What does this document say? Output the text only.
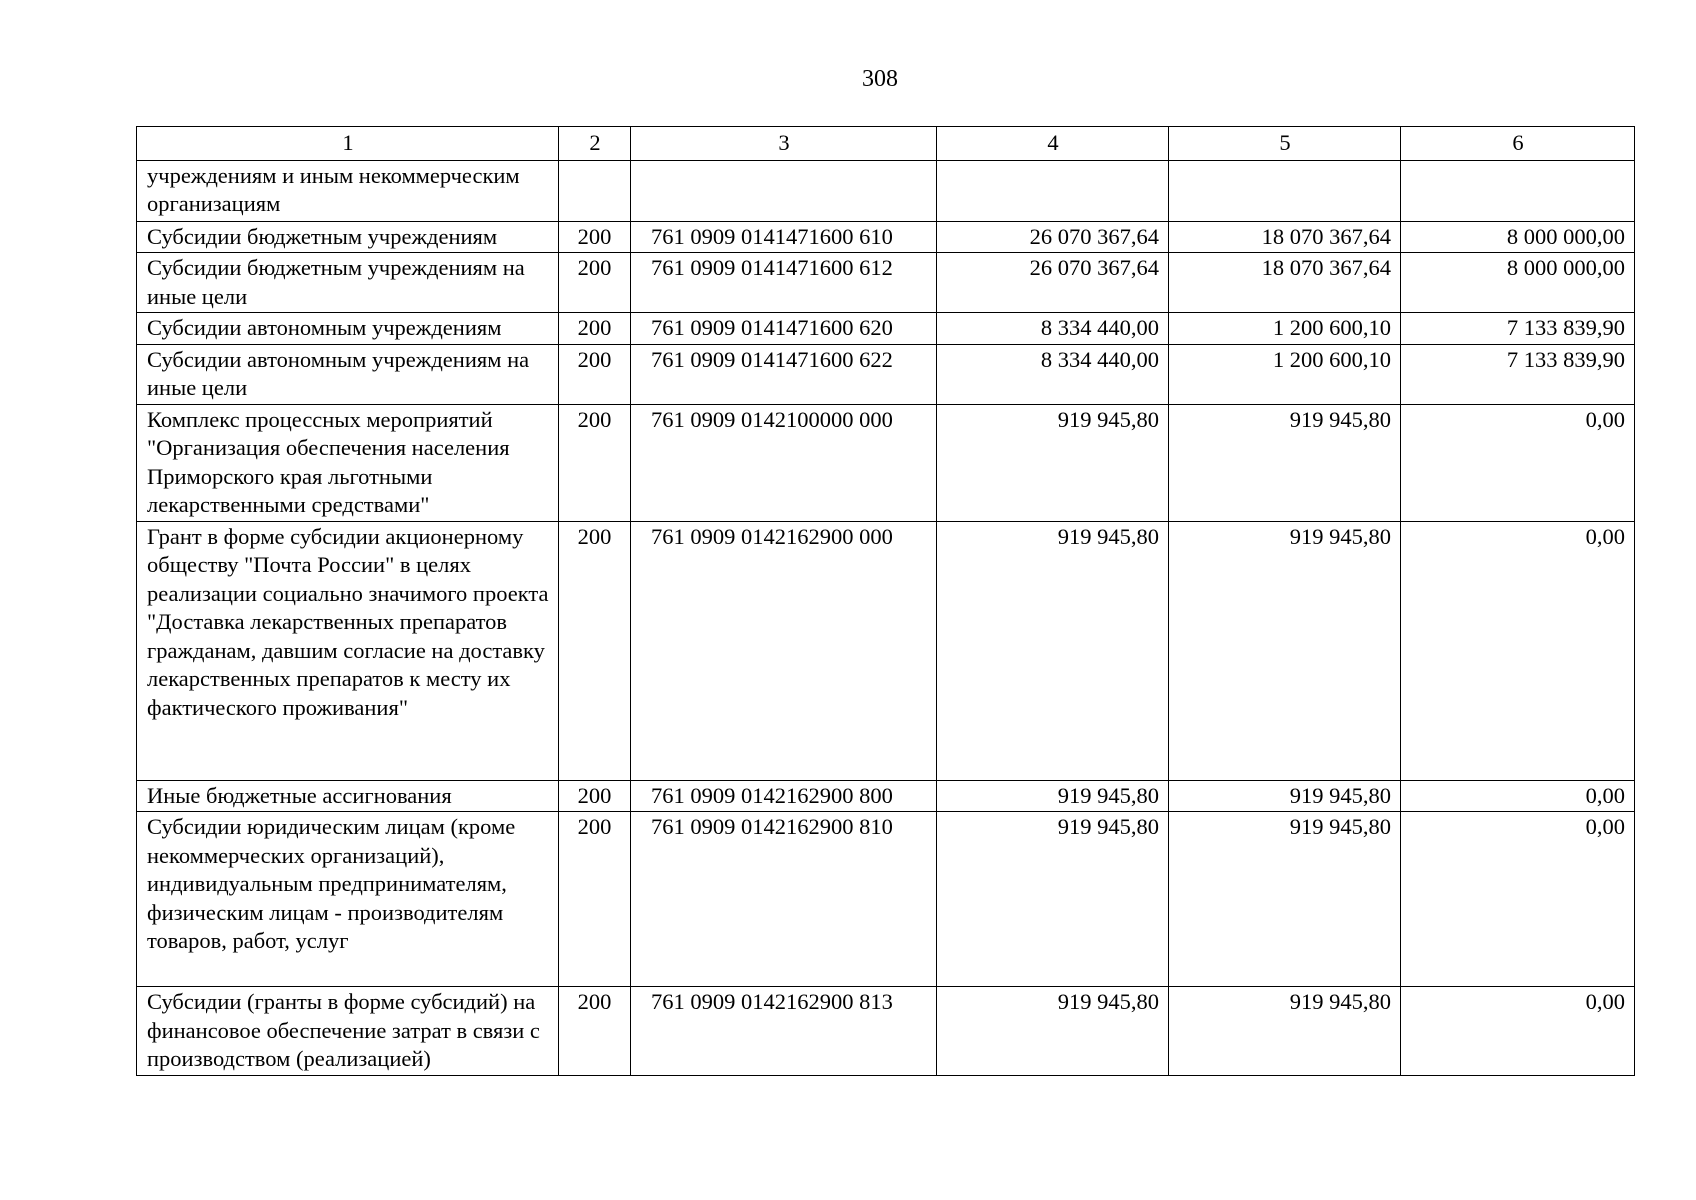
308
1	2	3	4	5	6
учреждениям и иным некоммерческим организациям					
Субсидии бюджетным учреждениям	200	761 0909 0141471600 610	26 070 367,64	18 070 367,64	8 000 000,00
Субсидии бюджетным учреждениям на иные цели	200	761 0909 0141471600 612	26 070 367,64	18 070 367,64	8 000 000,00
Субсидии автономным учреждениям	200	761 0909 0141471600 620	8 334 440,00	1 200 600,10	7 133 839,90
Субсидии автономным учреждениям на иные цели	200	761 0909 0141471600 622	8 334 440,00	1 200 600,10	7 133 839,90
Комплекс процессных мероприятий "Организация обеспечения населения Приморского края льготными лекарственными средствами"	200	761 0909 0142100000 000	919 945,80	919 945,80	0,00
Грант в форме субсидии акционерному обществу "Почта России" в целях реализации социально значимого проекта "Доставка лекарственных препаратов гражданам, давшим согласие на доставку лекарственных препаратов к месту их фактического проживания"	200	761 0909 0142162900 000	919 945,80	919 945,80	0,00
Иные бюджетные ассигнования	200	761 0909 0142162900 800	919 945,80	919 945,80	0,00
Субсидии юридическим лицам (кроме некоммерческих организаций), индивидуальным предпринимателям, физическим лицам - производителям товаров, работ, услуг	200	761 0909 0142162900 810	919 945,80	919 945,80	0,00
Субсидии (гранты в форме субсидий) на финансовое обеспечение затрат в связи с производством (реализацией)	200	761 0909 0142162900 813	919 945,80	919 945,80	0,00
